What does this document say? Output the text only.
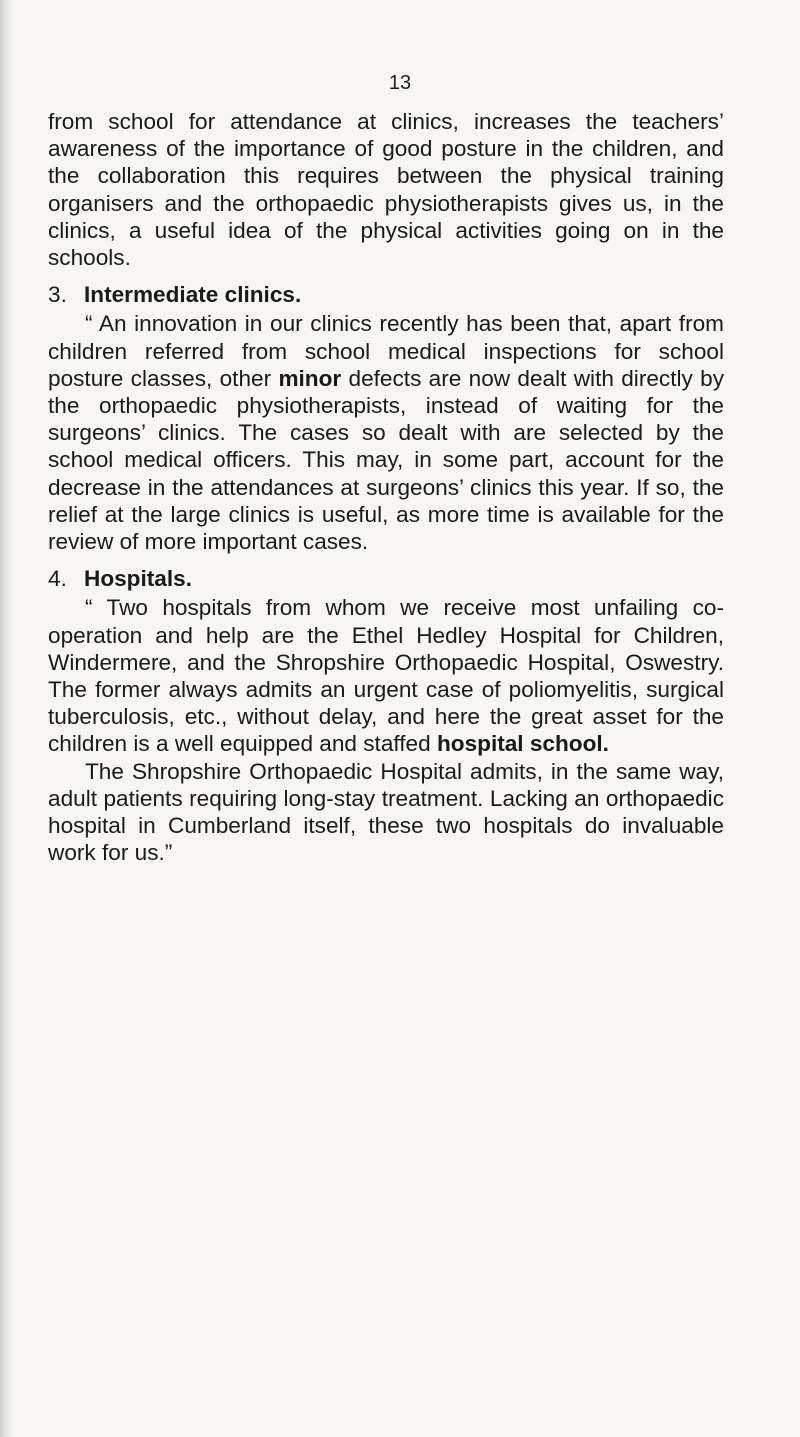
13

from school for attendance at clinics, increases the teachers’ awareness of the importance of good posture in the children, and the collaboration this requires between the physical training organisers and the orthopaedic physiotherapists gives us, in the clinics, a useful idea of the physical activities going on in the schools.

3. Intermediate clinics.

“ An innovation in our clinics recently has been that, apart from children referred from school medical inspections for school posture classes, other minor defects are now dealt with directly by the orthopaedic physiotherapists, instead of waiting for the surgeons’ clinics. The cases so dealt with are selected by the school medical officers. This may, in some part, account for the decrease in the attendances at surgeons’ clinics this year. If so, the relief at the large clinics is useful, as more time is available for the review of more important cases.

4. Hospitals.

“ Two hospitals from whom we receive most unfailing co-operation and help are the Ethel Hedley Hospital for Children, Windermere, and the Shropshire Orthopaedic Hospital, Oswestry. The former always admits an urgent case of poliomyelitis, surgical tuberculosis, etc., without delay, and here the great asset for the children is a well equipped and staffed hospital school.

The Shropshire Orthopaedic Hospital admits, in the same way, adult patients requiring long-stay treatment. Lacking an orthopaedic hospital in Cumberland itself, these two hospitals do invaluable work for us.”
